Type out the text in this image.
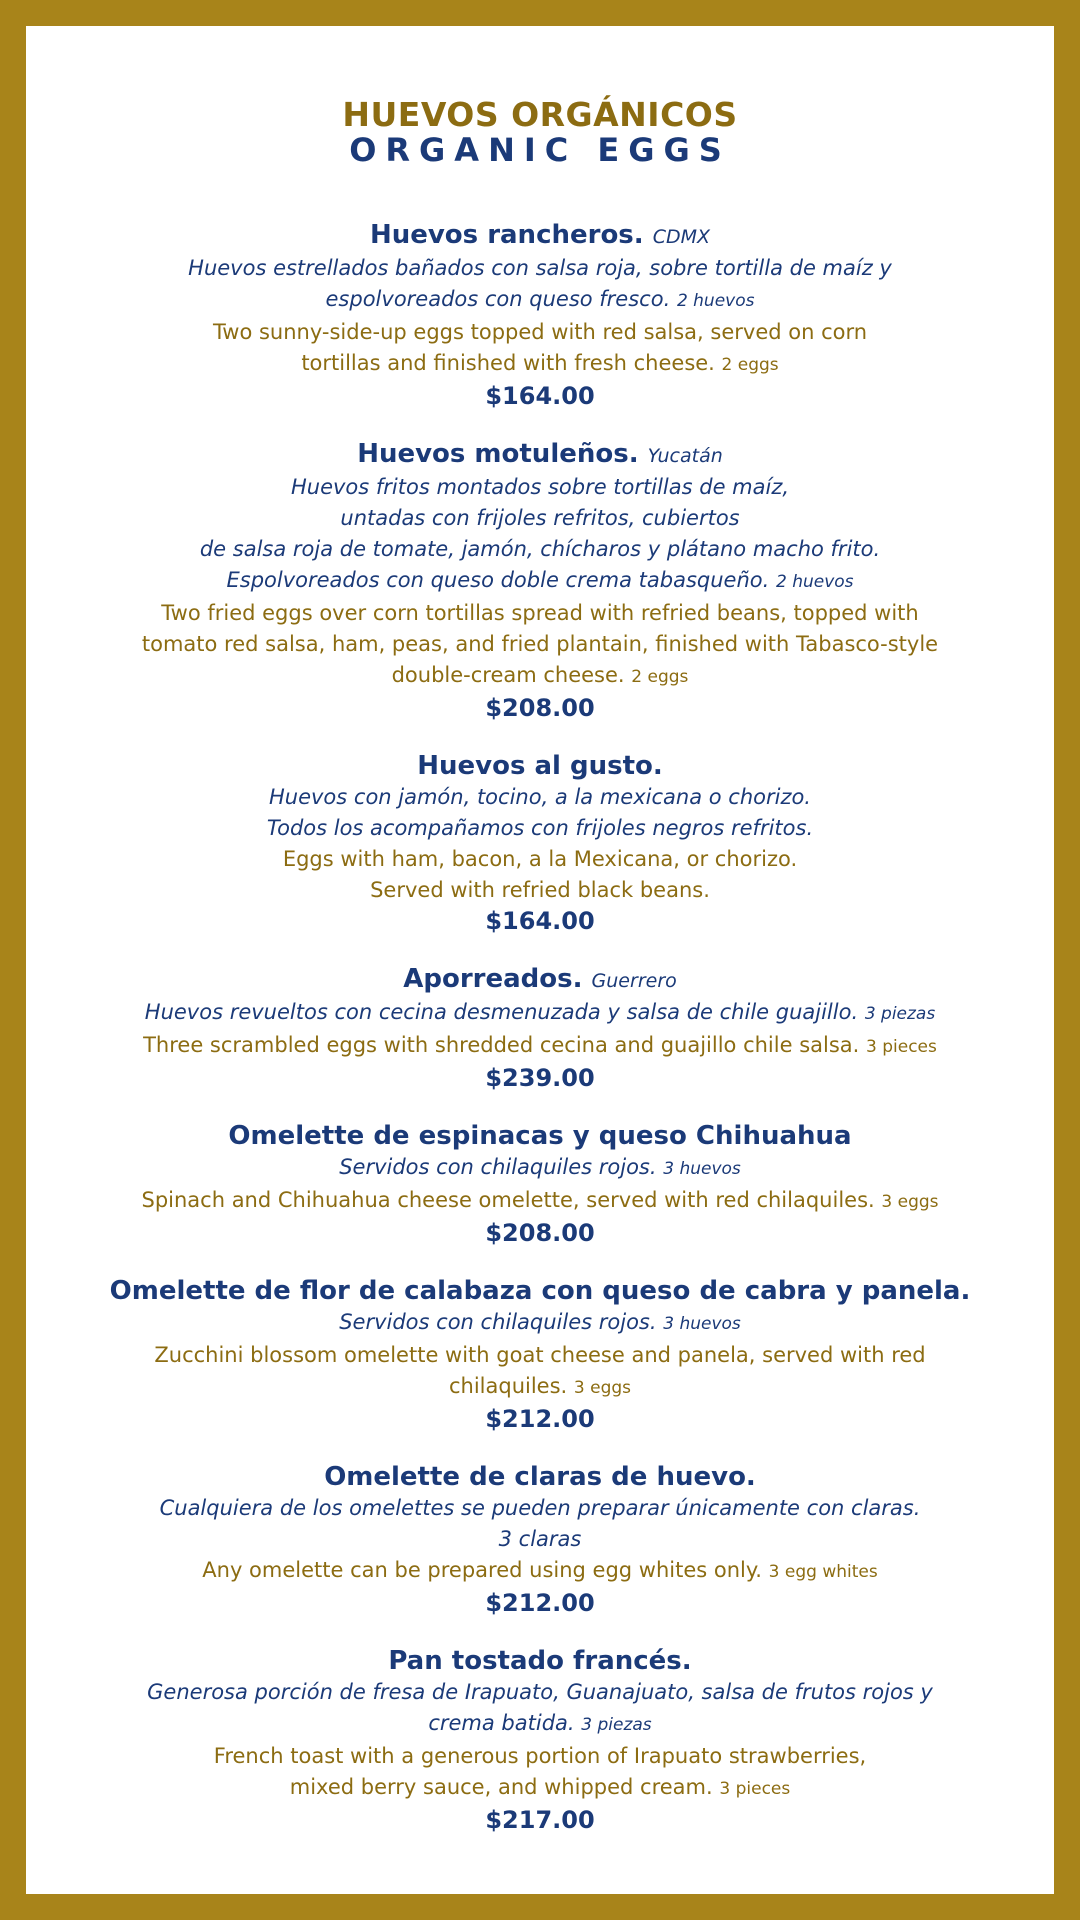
HUEVOS ORGÁNICOS
ORGANIC EGGS
Huevos rancheros. CDMX
Huevos estrellados bañados con salsa roja, sobre tortilla de maíz y
espolvoreados con queso fresco. 2 huevos
Two sunny-side-up eggs topped with red salsa, served on corn
tortillas and finished with fresh cheese. 2 eggs
$164.00
Huevos motuleños. Yucatán
Huevos fritos montados sobre tortillas de maíz,
untadas con frijoles refritos, cubiertos
de salsa roja de tomate, jamón, chícharos y plátano macho frito.
Espolvoreados con queso doble crema tabasqueño. 2 huevos
Two fried eggs over corn tortillas spread with refried beans, topped with
tomato red salsa, ham, peas, and fried plantain, finished with Tabasco-style
double-cream cheese. 2 eggs
$208.00
Huevos al gusto.
Huevos con jamón, tocino, a la mexicana o chorizo.
Todos los acompañamos con frijoles negros refritos.
Eggs with ham, bacon, a la Mexicana, or chorizo.
Served with refried black beans.
$164.00
Aporreados. Guerrero
Huevos revueltos con cecina desmenuzada y salsa de chile guajillo. 3 piezas
Three scrambled eggs with shredded cecina and guajillo chile salsa. 3 pieces
$239.00
Omelette de espinacas y queso Chihuahua
Servidos con chilaquiles rojos. 3 huevos
Spinach and Chihuahua cheese omelette, served with red chilaquiles. 3 eggs
$208.00
Omelette de flor de calabaza con queso de cabra y panela.
Servidos con chilaquiles rojos. 3 huevos
Zucchini blossom omelette with goat cheese and panela, served with red
chilaquiles. 3 eggs
$212.00
Omelette de claras de huevo.
Cualquiera de los omelettes se pueden preparar únicamente con claras.
3 claras
Any omelette can be prepared using egg whites only. 3 egg whites
$212.00
Pan tostado francés.
Generosa porción de fresa de Irapuato, Guanajuato, salsa de frutos rojos y
crema batida. 3 piezas
French toast with a generous portion of Irapuato strawberries,
mixed berry sauce, and whipped cream. 3 pieces
$217.00
